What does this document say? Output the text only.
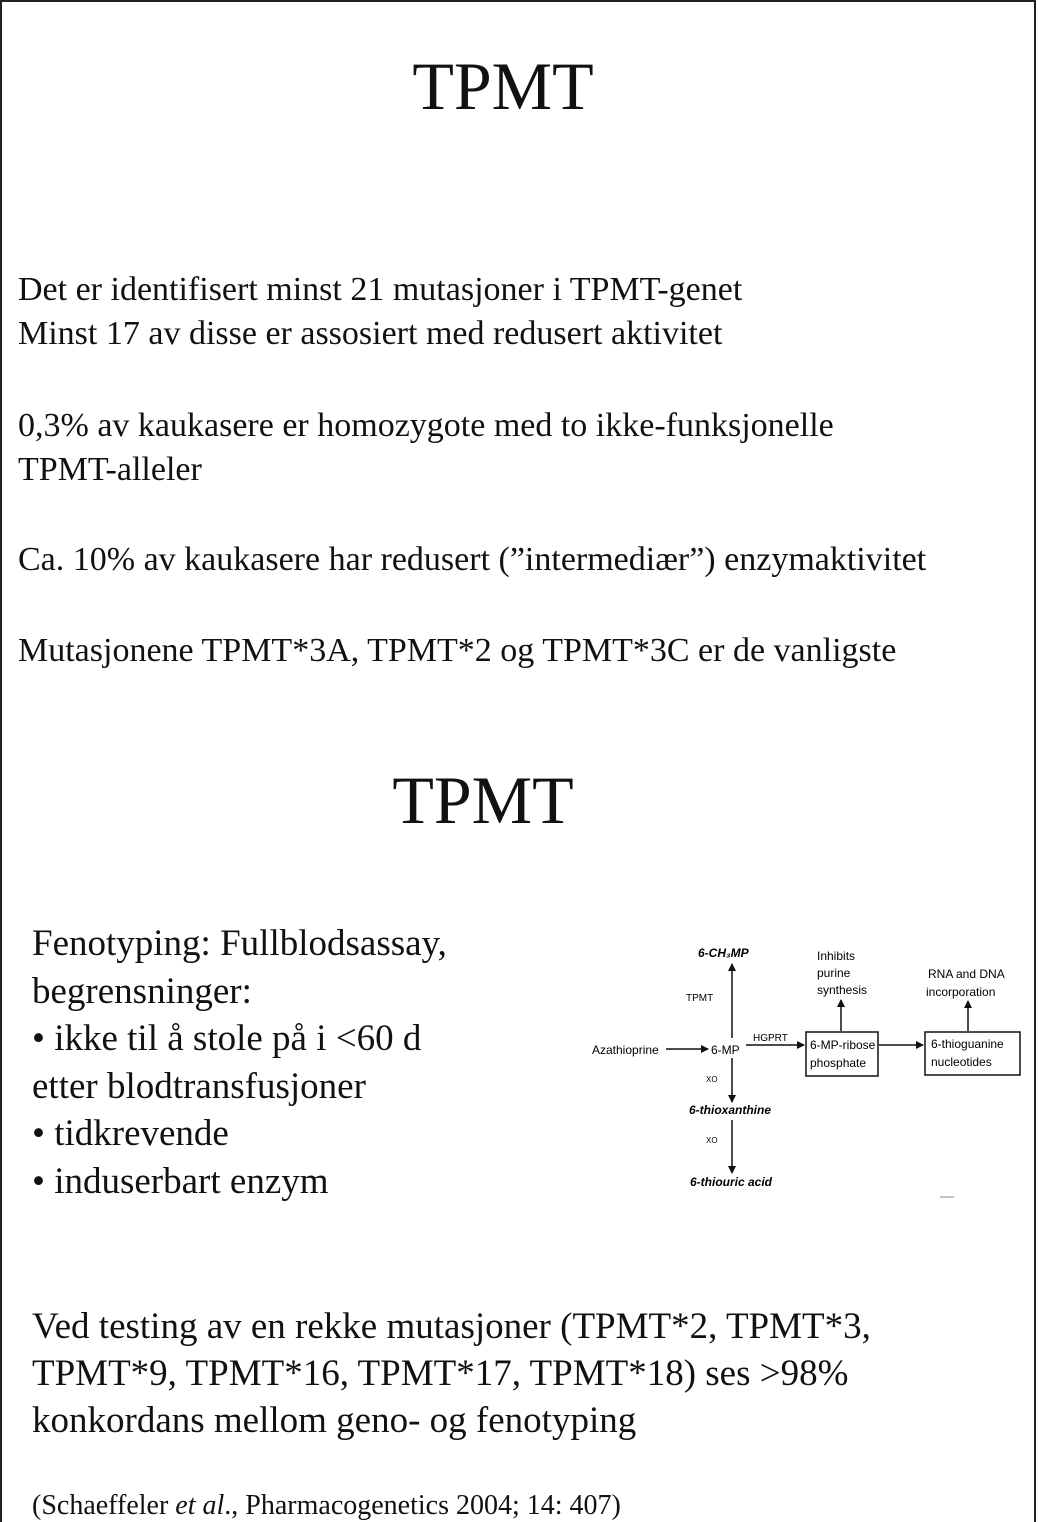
TPMT
Det er identifisert minst 21 mutasjoner i TPMT-genet
Minst 17 av disse er assosiert med redusert aktivitet
0,3% av kaukasere er homozygote med to ikke-funksjonelle
TPMT-alleler
Ca. 10% av kaukasere har redusert (”intermediær”) enzymaktivitet
Mutasjonene TPMT*3A, TPMT*2 og TPMT*3C er de vanligste
TPMT
Fenotyping: Fullblodsassay,
begrensninger:
• ikke til å stole på i <60 d
etter blodtransfusjoner
• tidkrevende
• induserbart enzym
6-CH₃MP
TPMT
Azathioprine	6-MP
HGPRT
XO
6-thioxanthine
XO
6-thiouric acid
Inhibits
purine
synthesis
RNA and DNA
incorporation
6-MP-ribose
phosphate
6-thioguanine
nucleotides
Ved testing av en rekke mutasjoner (TPMT*2, TPMT*3,
TPMT*9, TPMT*16, TPMT*17, TPMT*18) ses >98%
konkordans mellom geno- og fenotyping
(Schaeffeler et al., Pharmacogenetics 2004; 14: 407)
